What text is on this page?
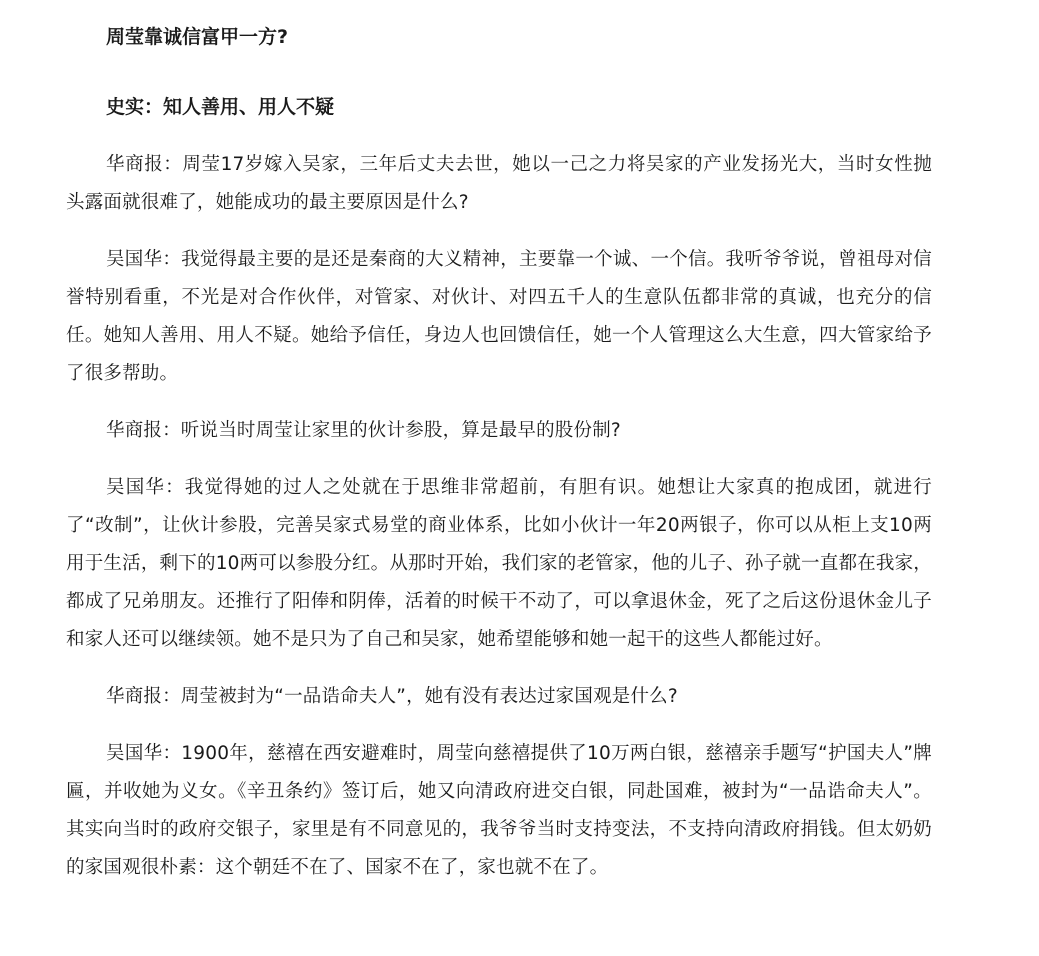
周莹靠诚信富甲一方?

史实：知人善用、用人不疑

华商报：周莹17岁嫁入吴家，三年后丈夫去世，她以一己之力将吴家的产业发扬光大，当时女性抛头露面就很难了，她能成功的最主要原因是什么?

吴国华：我觉得最主要的是还是秦商的大义精神，主要靠一个诚、一个信。我听爷爷说，曾祖母对信誉特别看重，不光是对合作伙伴，对管家、对伙计、对四五千人的生意队伍都非常的真诚，也充分的信任。她知人善用、用人不疑。她给予信任，身边人也回馈信任，她一个人管理这么大生意，四大管家给予了很多帮助。

华商报：听说当时周莹让家里的伙计参股，算是最早的股份制?

吴国华：我觉得她的过人之处就在于思维非常超前，有胆有识。她想让大家真的抱成团，就进行了“改制”，让伙计参股，完善吴家式易堂的商业体系，比如小伙计一年20两银子，你可以从柜上支10两用于生活，剩下的10两可以参股分红。从那时开始，我们家的老管家，他的儿子、孙子就一直都在我家，都成了兄弟朋友。还推行了阳俸和阴俸，活着的时候干不动了，可以拿退休金，死了之后这份退休金儿子和家人还可以继续领。她不是只为了自己和吴家，她希望能够和她一起干的这些人都能过好。

华商报：周莹被封为“一品诰命夫人”，她有没有表达过家国观是什么?

吴国华：1900年，慈禧在西安避难时，周莹向慈禧提供了10万两白银，慈禧亲手题写“护国夫人”牌匾，并收她为义女。《辛丑条约》签订后，她又向清政府进交白银，同赴国难，被封为“一品诰命夫人”。其实向当时的政府交银子，家里是有不同意见的，我爷爷当时支持变法，不支持向清政府捐钱。但太奶奶的家国观很朴素：这个朝廷不在了、国家不在了，家也就不在了。
